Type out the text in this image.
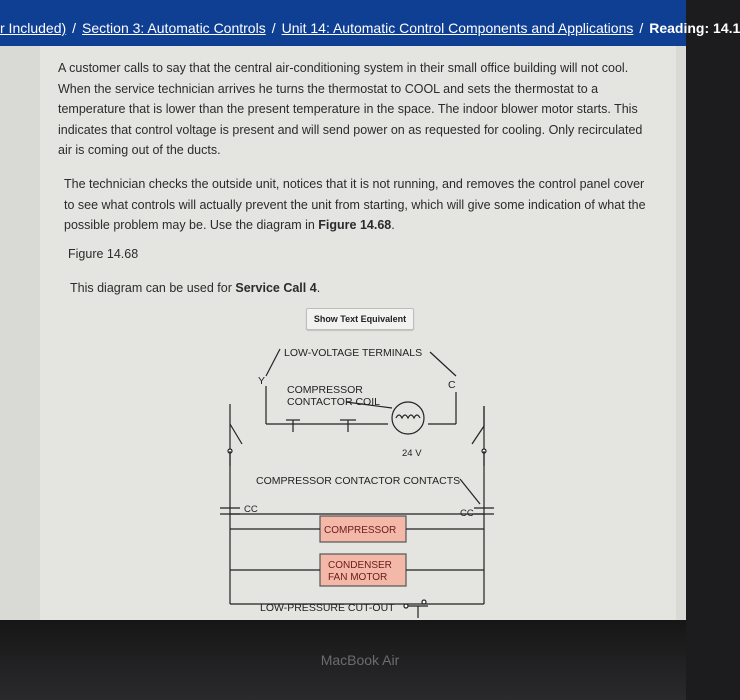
r Included) / Section 3: Automatic Controls / Unit 14: Automatic Control Components and Applications / Reading: 14.1

A customer calls to say that the central air-conditioning system in their small office building will not cool. When the service technician arrives he turns the thermostat to COOL and sets the thermostat to a temperature that is lower than the present temperature in the space. The indoor blower motor starts. This indicates that control voltage is present and will send power on as requested for cooling. Only recirculated air is coming out of the ducts.

The technician checks the outside unit, notices that it is not running, and removes the control panel cover to see what controls will actually prevent the unit from starting, which will give some indication of what the possible problem may be. Use the diagram in Figure 14.68.

Figure 14.68

This diagram can be used for Service Call 4.

Show Text Equivalent
LOW-VOLTAGE TERMINALS
Y	C
COMPRESSOR
CONTACTOR COIL
24 V
COMPRESSOR CONTACTOR CONTACTS
CC	CC
COMPRESSOR
CONDENSER
FAN MOTOR
LOW-PRESSURE CUT-OUT
MacBook Air
